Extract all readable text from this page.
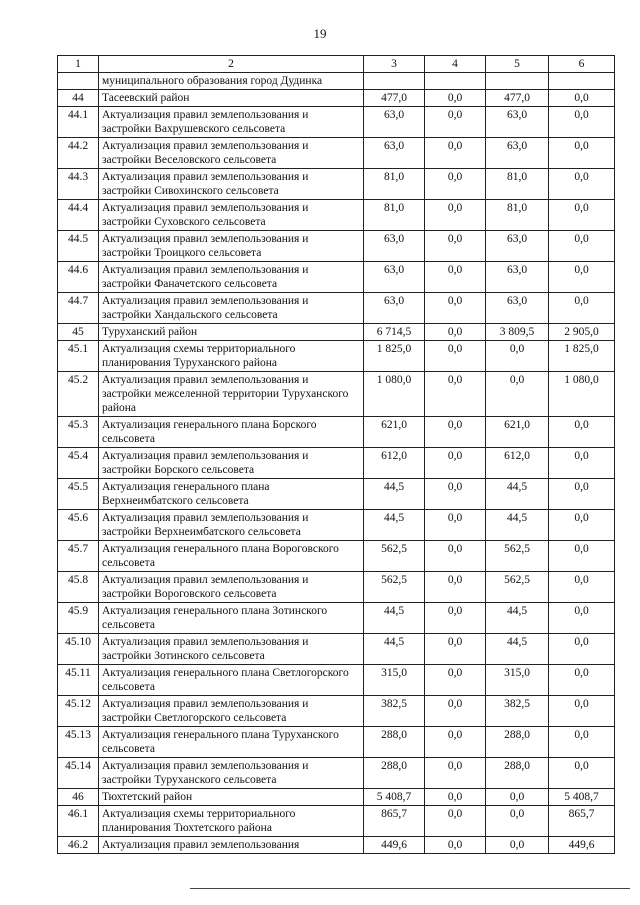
19
1	2	3	4	5	6
	муниципального образования город Дудинка				
44	Тасеевский район	477,0	0,0	477,0	0,0
44.1	Актуализация правил землепользования и застройки Вахрушевского сельсовета	63,0	0,0	63,0	0,0
44.2	Актуализация правил землепользования и застройки Веселовского сельсовета	63,0	0,0	63,0	0,0
44.3	Актуализация правил землепользования и застройки Сивохинского сельсовета	81,0	0,0	81,0	0,0
44.4	Актуализация правил землепользования и застройки Суховского сельсовета	81,0	0,0	81,0	0,0
44.5	Актуализация правил землепользования и застройки Троицкого сельсовета	63,0	0,0	63,0	0,0
44.6	Актуализация правил землепользования и застройки Фаначетского сельсовета	63,0	0,0	63,0	0,0
44.7	Актуализация правил землепользования и застройки Хандальского сельсовета	63,0	0,0	63,0	0,0
45	Туруханский район	6 714,5	0,0	3 809,5	2 905,0
45.1	Актуализация схемы территориального планирования Туруханского района	1 825,0	0,0	0,0	1 825,0
45.2	Актуализация правил землепользования и застройки межселенной территории Туруханского района	1 080,0	0,0	0,0	1 080,0
45.3	Актуализация генерального плана Борского сельсовета	621,0	0,0	621,0	0,0
45.4	Актуализация правил землепользования и застройки Борского сельсовета	612,0	0,0	612,0	0,0
45.5	Актуализация генерального плана Верхнеимбатского сельсовета	44,5	0,0	44,5	0,0
45.6	Актуализация правил землепользования и застройки Верхнеимбатского сельсовета	44,5	0,0	44,5	0,0
45.7	Актуализация генерального плана Вороговского сельсовета	562,5	0,0	562,5	0,0
45.8	Актуализация правил землепользования и застройки Вороговского сельсовета	562,5	0,0	562,5	0,0
45.9	Актуализация генерального плана Зотинского сельсовета	44,5	0,0	44,5	0,0
45.10	Актуализация правил землепользования и застройки Зотинского сельсовета	44,5	0,0	44,5	0,0
45.11	Актуализация генерального плана Светлогорского сельсовета	315,0	0,0	315,0	0,0
45.12	Актуализация правил землепользования и застройки Светлогорского сельсовета	382,5	0,0	382,5	0,0
45.13	Актуализация генерального плана Туруханского сельсовета	288,0	0,0	288,0	0,0
45.14	Актуализация правил землепользования и застройки Туруханского сельсовета	288,0	0,0	288,0	0,0
46	Тюхтетский район	5 408,7	0,0	0,0	5 408,7
46.1	Актуализация схемы территориального планирования Тюхтетского района	865,7	0,0	0,0	865,7
46.2	Актуализация правил землепользования	449,6	0,0	0,0	449,6
